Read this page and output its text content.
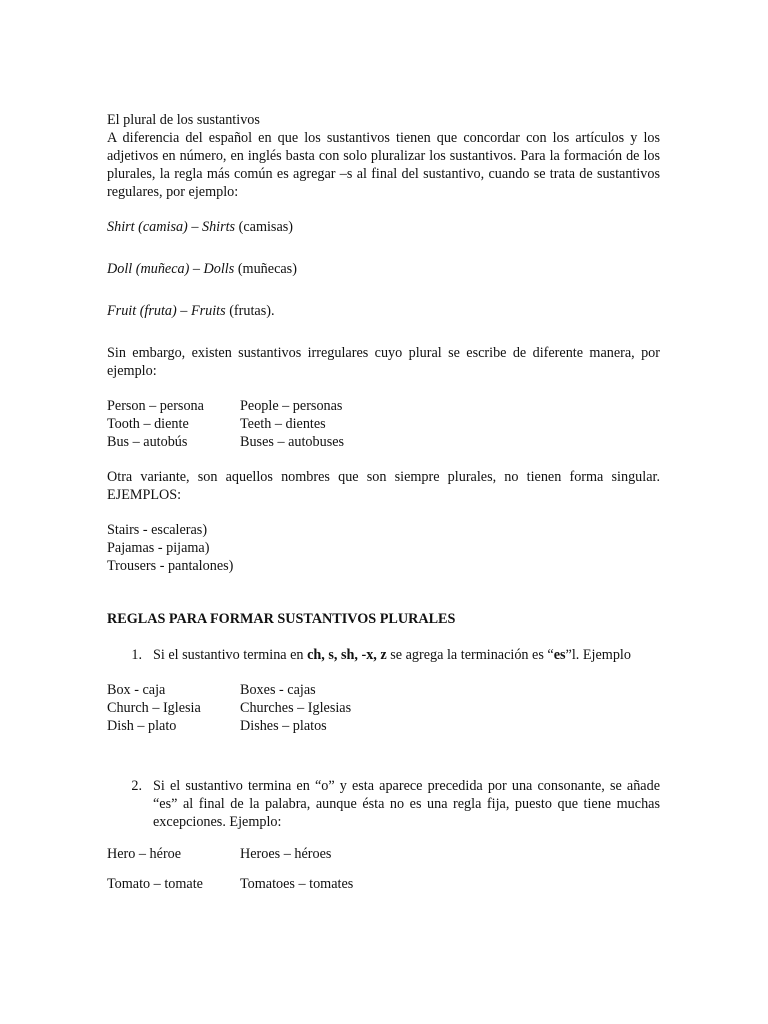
El plural de los sustantivos

A diferencia del español en que los sustantivos tienen que concordar con los artículos y los adjetivos en número, en inglés basta con solo pluralizar los sustantivos. Para la formación de los plurales, la regla más común es agregar –s al final del sustantivo, cuando se trata de sustantivos regulares, por ejemplo:

Shirt (camisa) – Shirts (camisas)

Doll (muñeca) – Dolls (muñecas)

Fruit (fruta) – Fruits (frutas).

Sin embargo, existen sustantivos irregulares cuyo plural se escribe de diferente manera, por ejemplo:

Person – persona	People – personas
Tooth – diente	Teeth – dientes
Bus – autobús	Buses – autobuses

Otra variante, son aquellos nombres que son siempre plurales, no tienen forma singular. EJEMPLOS:

Stairs - escaleras)

Pajamas - pijama)

Trousers - pantalones)

REGLAS PARA FORMAR SUSTANTIVOS PLURALES

1. Si el sustantivo termina en ch, s, sh, -x, z se agrega la terminación es “es”l. Ejemplo
Box - caja	Boxes - cajas
Church – Iglesia	Churches – Iglesias
Dish – plato	Dishes – platos
2. Si el sustantivo termina en “o” y esta aparece precedida por una consonante, se añade “es” al final de la palabra, aunque ésta no es una regla fija, puesto que tiene muchas excepciones. Ejemplo:
Hero – héroe	Heroes – héroes
Tomato – tomate	Tomatoes – tomates
